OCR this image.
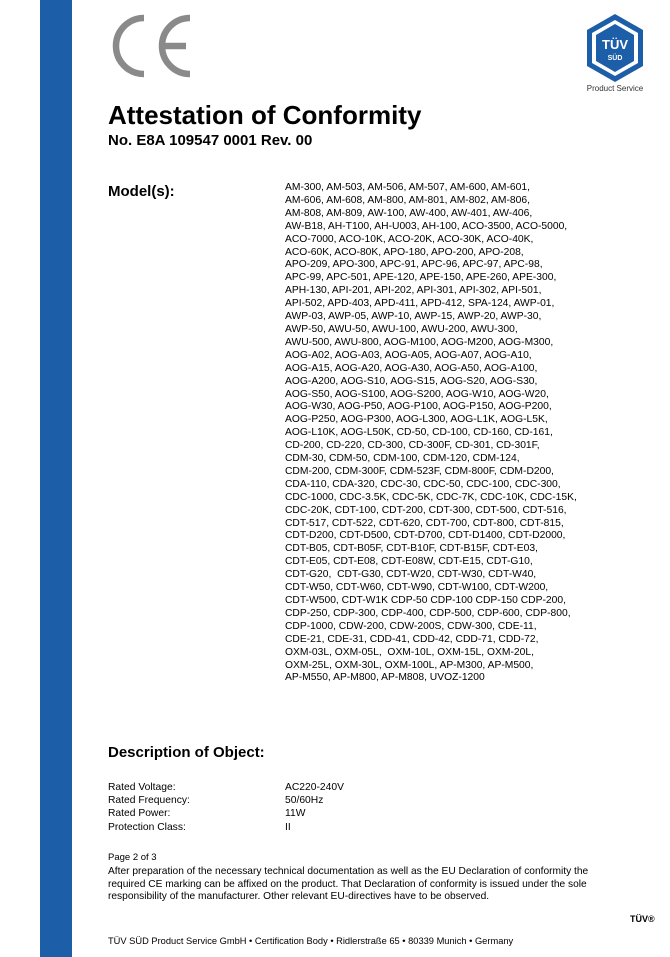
ZERTIFIKAT ◆ CERTIFICATE ◆ 認證證書 ◆ СЕРТИФИКАТ ◆ CERTIFICADO ◆ CERTIFICAT	TÜV
SÜD
Product Service
Attestation of Conformity
No. E8A 109547 0001 Rev. 00
Model(s):	AM-300, AM-503, AM-506, AM-507, AM-600, AM-601,
AM-606, AM-608, AM-800, AM-801, AM-802, AM-806,
AM-808, AM-809, AW-100, AW-400, AW-401, AW-406,
AW-B18, AH-T100, AH-U003, AH-100, ACO-3500, ACO-5000,
ACO-7000, ACO-10K, ACO-20K, ACO-30K, ACO-40K,
ACO-60K, ACO-80K, APO-180, APO-200, APO-208,
APO-209, APO-300, APC-91, APC-96, APC-97, APC-98,
APC-99, APC-501, APE-120, APE-150, APE-260, APE-300,
APH-130, API-201, API-202, API-301, API-302, API-501,
API-502, APD-403, APD-411, APD-412, SPA-124, AWP-01,
AWP-03, AWP-05, AWP-10, AWP-15, AWP-20, AWP-30,
AWP-50, AWU-50, AWU-100, AWU-200, AWU-300,
AWU-500, AWU-800, AOG-M100, AOG-M200, AOG-M300,
AOG-A02, AOG-A03, AOG-A05, AOG-A07, AOG-A10,
AOG-A15, AOG-A20, AOG-A30, AOG-A50, AOG-A100,
AOG-A200, AOG-S10, AOG-S15, AOG-S20, AOG-S30,
AOG-S50, AOG-S100, AOG-S200, AOG-W10, AOG-W20,
AOG-W30, AOG-P50, AOG-P100, AOG-P150, AOG-P200,
AOG-P250, AOG-P300, AOG-L300, AOG-L1K, AOG-L5K,
AOG-L10K, AOG-L50K, CD-50, CD-100, CD-160, CD-161,
CD-200, CD-220, CD-300, CD-300F, CD-301, CD-301F,
CDM-30, CDM-50, CDM-100, CDM-120, CDM-124,
CDM-200, CDM-300F, CDM-523F, CDM-800F, CDM-D200,
CDA-110, CDA-320, CDC-30, CDC-50, CDC-100, CDC-300,
CDC-1000, CDC-3.5K, CDC-5K, CDC-7K, CDC-10K, CDC-15K,
CDC-20K, CDT-100, CDT-200, CDT-300, CDT-500, CDT-516,
CDT-517, CDT-522, CDT-620, CDT-700, CDT-800, CDT-815,
CDT-D200, CDT-D500, CDT-D700, CDT-D1400, CDT-D2000,
CDT-B05, CDT-B05F, CDT-B10F, CDT-B15F, CDT-E03,
CDT-E05, CDT-E08, CDT-E08W, CDT-E15, CDT-G10,
CDT-G20,  CDT-G30, CDT-W20, CDT-W30, CDT-W40,
CDT-W50, CDT-W60, CDT-W90, CDT-W100, CDT-W200,
CDT-W500, CDT-W1K CDP-50 CDP-100 CDP-150 CDP-200,
CDP-250, CDP-300, CDP-400, CDP-500, CDP-600, CDP-800,
CDP-1000, CDW-200, CDW-200S, CDW-300, CDE-11,
CDE-21, CDE-31, CDD-41, CDD-42, CDD-71, CDD-72,
OXM-03L, OXM-05L,  OXM-10L, OXM-15L, OXM-20L,
OXM-25L, OXM-30L, OXM-100L, AP-M300, AP-M500,
AP-M550, AP-M800, AP-M808, UVOZ-1200
Description of Object:
Rated Voltage:	AC220-240V
Rated Frequency:	50/60Hz
Rated Power:	11W
Protection Class:	II
Page 2 of 3
After preparation of the necessary technical documentation as well as the EU Declaration of conformity the required CE marking can be affixed on the product. That Declaration of conformity is issued under the sole responsibility of the manufacturer. Other relevant EU-directives have to be observed.
TÜV®
TÜV SÜD Product Service GmbH • Certification Body • Ridlerstraße 65 • 80339 Munich • Germany
